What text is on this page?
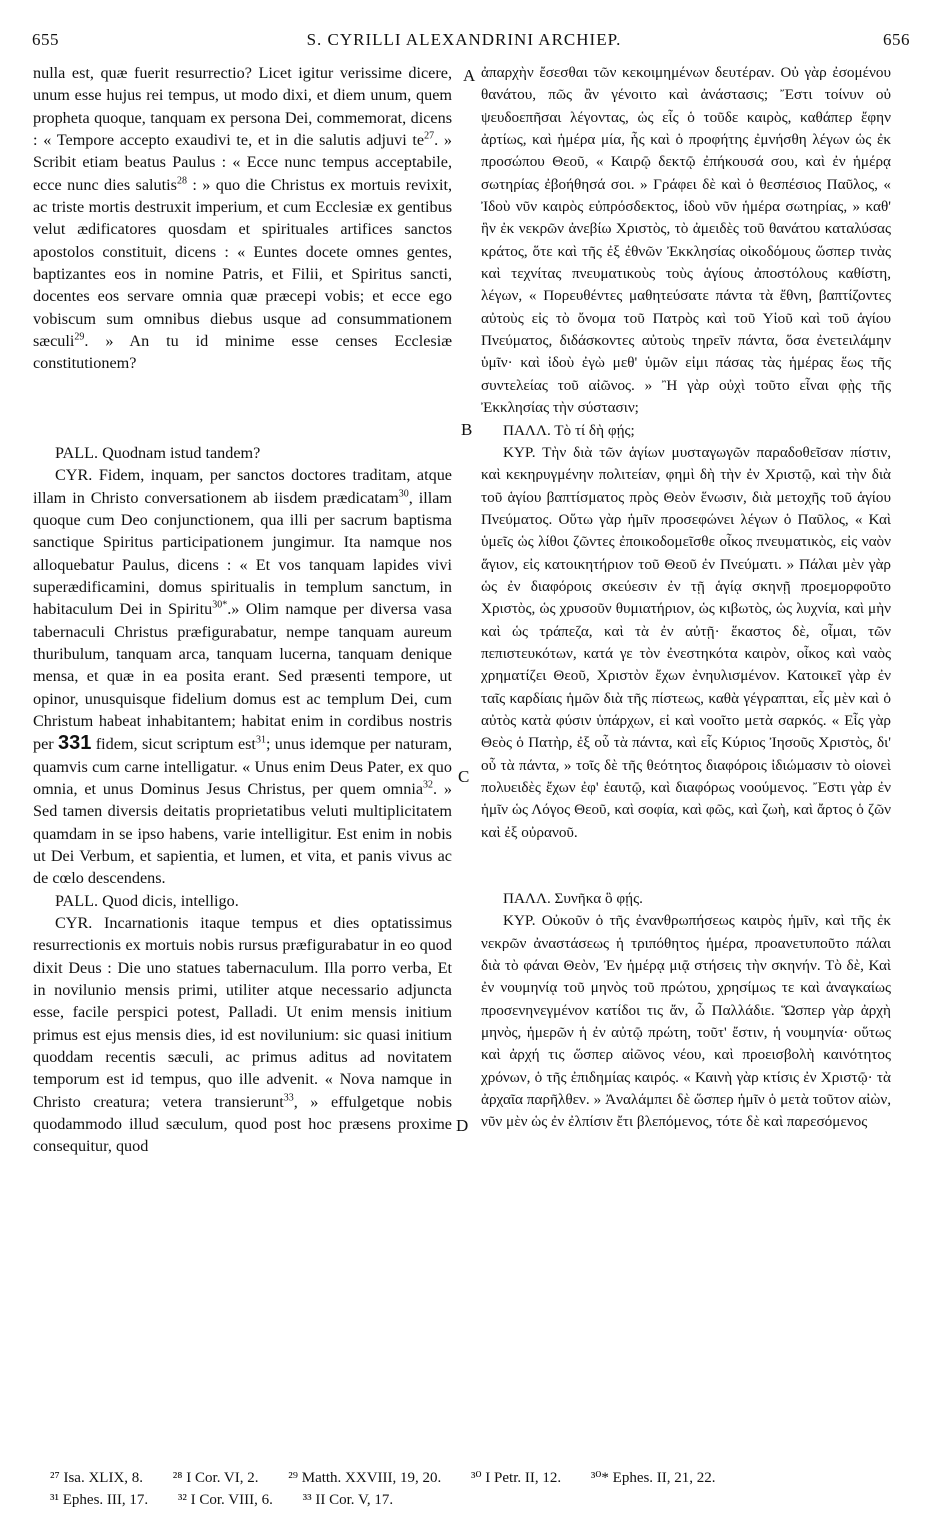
655	S. CYRILLI ALEXANDRINI ARCHIEP.	656
A
B
C
D

nulla est, quæ fuerit resurrectio? Licet igitur verissime dicere, unum esse hujus rei tempus, ut modo dixi, et diem unum, quem propheta quoque, tanquam ex persona Dei, commemorat, dicens : « Tempore accepto exaudivi te, et in die salutis adjuvi te$^{27}$. » Scribit etiam beatus Paulus : « Ecce nunc tempus acceptabile, ecce nunc dies salutis$^{28}$ : » quo die Christus ex mortuis revixit, ac triste mortis destruxit imperium, et cum Ecclesiæ ex gentibus velut ædificatores quosdam et spirituales artifices sanctos apostolos constituit, dicens : « Euntes docete omnes gentes, baptizantes eos in nomine Patris, et Filii, et Spiritus sancti, docentes eos servare omnia quæ præcepi vobis; et ecce ego vobiscum sum omnibus diebus usque ad consummationem sæculi$^{29}$. » An tu id minime esse censes Ecclesiæ constitutionem?

PALL. Quodnam istud tandem?

CYR. Fidem, inquam, per sanctos doctores traditam, atque illam in Christo conversationem ab iisdem prædicatam$^{30}$, illam quoque cum Deo conjunctionem, qua illi per sacrum baptisma sanctique Spiritus participationem jungimur. Ita namque nos alloquebatur Paulus, dicens : « Et vos tanquam lapides vivi superædificamini, domus spiritualis in templum sanctum, in habitaculum Dei in Spiritu$^{30*}$.» Olim namque per diversa vasa tabernaculi Christus præfigurabatur, nempe tanquam aureum thuribulum, tanquam arca, tanquam lucerna, tanquam denique mensa, et quæ in ea posita erant. Sed præsenti tempore, ut opinor, unusquisque fidelium domus est ac templum Dei, cum Christum habeat inhabitantem; habitat enim in cordibus nostris per 331 fidem, sicut scriptum est$^{31}$; unus idemque per naturam, quamvis cum carne intelligatur. « Unus enim Deus Pater, ex quo omnia, et unus Dominus Jesus Christus, per quem omnia$^{32}$. » Sed tamen diversis deitatis proprietatibus veluti multiplicitatem quamdam in se ipso habens, varie intelligitur. Est enim in nobis ut Dei Verbum, et sapientia, et lumen, et vita, et panis vivus ac de cœlo descendens.

PALL. Quod dicis, intelligo.

CYR. Incarnationis itaque tempus et dies optatissimus resurrectionis ex mortuis nobis rursus præfigurabatur in eo quod dixit Deus : Die uno statues tabernaculum. Illa porro verba, Et in novilunio mensis primi, utiliter atque necessario adjuncta esse, facile perspici potest, Palladi. Ut enim mensis initium primus est ejus mensis dies, id est novilunium: sic quasi initium quoddam recentis sæculi, ac primus aditus ad novitatem temporum est id tempus, quo ille advenit. « Nova namque in Christo creatura; vetera transierunt$^{33}$, » effulgetque nobis quodammodo illud sæculum, quod post hoc præsens proxime consequitur, quod

ἀπαρχὴν ἔσεσθαι τῶν κεκοιμημένων δευτέραν. Οὐ γὰρ ἐσομένου θανάτου, πῶς ἂν γένοιτο καὶ ἀνάστασις; Ἔστι τοίνυν οὐ ψευδοεπῆσαι λέγοντας, ὡς εἷς ὁ τοῦδε καιρὸς, καθάπερ ἔφην ἀρτίως, καὶ ἡμέρα μία, ἧς καὶ ὁ προφήτης ἐμνήσθη λέγων ὡς ἐκ προσώπου Θεοῦ, « Καιρῷ δεκτῷ ἐπήκουσά σου, καὶ ἐν ἡμέρᾳ σωτηρίας ἐβοήθησά σοι. » Γράφει δὲ καὶ ὁ θεσπέσιος Παῦλος, « Ἰδοὺ νῦν καιρὸς εὐπρόσδεκτος, ἰδοὺ νῦν ἡμέρα σωτηρίας, » καθ' ἣν ἐκ νεκρῶν ἀνεβίω Χριστὸς, τὸ ἀμειδὲς τοῦ θανάτου καταλύσας κράτος, ὅτε καὶ τῆς ἐξ ἐθνῶν Ἐκκλησίας οἰκοδόμους ὥσπερ τινὰς καὶ τεχνίτας πνευματικοὺς τοὺς ἁγίους ἀποστόλους καθίστη, λέγων, « Πορευθέντες μαθητεύσατε πάντα τὰ ἔθνη, βαπτίζοντες αὐτοὺς εἰς τὸ ὄνομα τοῦ Πατρὸς καὶ τοῦ Υἱοῦ καὶ τοῦ ἁγίου Πνεύματος, διδάσκοντες αὐτοὺς τηρεῖν πάντα, ὅσα ἐνετειλάμην ὑμῖν· καὶ ἰδοὺ ἐγὼ μεθ' ὑμῶν εἰμι πάσας τὰς ἡμέρας ἕως τῆς συντελείας τοῦ αἰῶνος. » Ἢ γὰρ οὐχὶ τοῦτο εἶναι φῂς τῆς Ἐκκλησίας τὴν σύστασιν;

ΠΑΛΛ. Τὸ τί δὴ φῄς;

ΚΥΡ. Τὴν διὰ τῶν ἁγίων μυσταγωγῶν παραδοθεῖσαν πίστιν, καὶ κεκηρυγμένην πολιτείαν, φημὶ δὴ τὴν ἐν Χριστῷ, καὶ τὴν διὰ τοῦ ἁγίου βαπτίσματος πρὸς Θεὸν ἕνωσιν, διὰ μετοχῆς τοῦ ἁγίου Πνεύματος. Οὕτω γὰρ ἡμῖν προσεφώνει λέγων ὁ Παῦλος, « Καὶ ὑμεῖς ὡς λίθοι ζῶντες ἐποικοδομεῖσθε οἶκος πνευματικὸς, εἰς ναὸν ἅγιον, εἰς κατοικητήριον τοῦ Θεοῦ ἐν Πνεύματι. » Πάλαι μὲν γὰρ ὡς ἐν διαφόροις σκεύεσιν ἐν τῇ ἁγίᾳ σκηνῇ προεμορφοῦτο Χριστὸς, ὡς χρυσοῦν θυμιατήριον, ὡς κιβωτὸς, ὡς λυχνία, καὶ μὴν καὶ ὡς τράπεζα, καὶ τὰ ἐν αὐτῇ· ἕκαστος δὲ, οἶμαι, τῶν πεπιστευκότων, κατά γε τὸν ἐνεστηκότα καιρὸν, οἶκος καὶ ναὸς χρηματίζει Θεοῦ, Χριστὸν ἔχων ἐνηυλισμένον. Κατοικεῖ γὰρ ἐν ταῖς καρδίαις ἡμῶν διὰ τῆς πίστεως, καθὰ γέγραπται, εἷς μὲν καὶ ὁ αὐτὸς κατὰ φύσιν ὑπάρχων, εἰ καὶ νοοῖτο μετὰ σαρκός. « Εἷς γὰρ Θεὸς ὁ Πατὴρ, ἐξ οὗ τὰ πάντα, καὶ εἷς Κύριος Ἰησοῦς Χριστὸς, δι' οὗ τὰ πάντα, » τοῖς δὲ τῆς θεότητος διαφόροις ἰδιώμασιν τὸ οἱονεὶ πολυειδὲς ἔχων ἐφ' ἑαυτῷ, καὶ διαφόρως νοούμενος. Ἔστι γὰρ ἐν ἡμῖν ὡς Λόγος Θεοῦ, καὶ σοφία, καὶ φῶς, καὶ ζωὴ, καὶ ἄρτος ὁ ζῶν καὶ ἐξ οὐρανοῦ.

ΠΑΛΛ. Συνῆκα ὃ φῄς.

ΚΥΡ. Οὐκοῦν ὁ τῆς ἐνανθρωπήσεως καιρὸς ἡμῖν, καὶ τῆς ἐκ νεκρῶν ἀναστάσεως ἡ τριπόθητος ἡμέρα, προανετυποῦτο πάλαι διὰ τὸ φάναι Θεὸν, Ἐν ἡμέρᾳ μιᾷ στήσεις τὴν σκηνήν. Τὸ δὲ, Καὶ ἐν νουμηνίᾳ τοῦ μηνὸς τοῦ πρώτου, χρησίμως τε καὶ ἀναγκαίως προσενηνεγμένον κατίδοι τις ἄν, ὦ Παλλάδιε. Ὥσπερ γὰρ ἀρχὴ μηνὸς, ἡμερῶν ἡ ἐν αὐτῷ πρώτη, τοῦτ' ἔστιν, ἡ νουμηνία· οὕτως καὶ ἀρχή τις ὥσπερ αἰῶνος νέου, καὶ προεισβολὴ καινότητος χρόνων, ὁ τῆς ἐπιδημίας καιρός. « Καινὴ γὰρ κτίσις ἐν Χριστῷ· τὰ ἀρχαῖα παρῆλθεν. » Ἀναλάμπει δὲ ὥσπερ ἡμῖν ὁ μετὰ τοῦτον αἰὼν, νῦν μὲν ὡς ἐν ἐλπίσιν ἔτι βλεπόμενος, τότε δὲ καὶ παρεσόμενος

²⁷ Isa. XLIX, 8. ²⁸ I Cor. VI, 2. ²⁹ Matth. XXVIII, 19, 20. ³⁰ I Petr. II, 12. ³⁰* Ephes. II, 21, 22.
³¹ Ephes. III, 17. ³² I Cor. VIII, 6. ³³ II Cor. V, 17.
